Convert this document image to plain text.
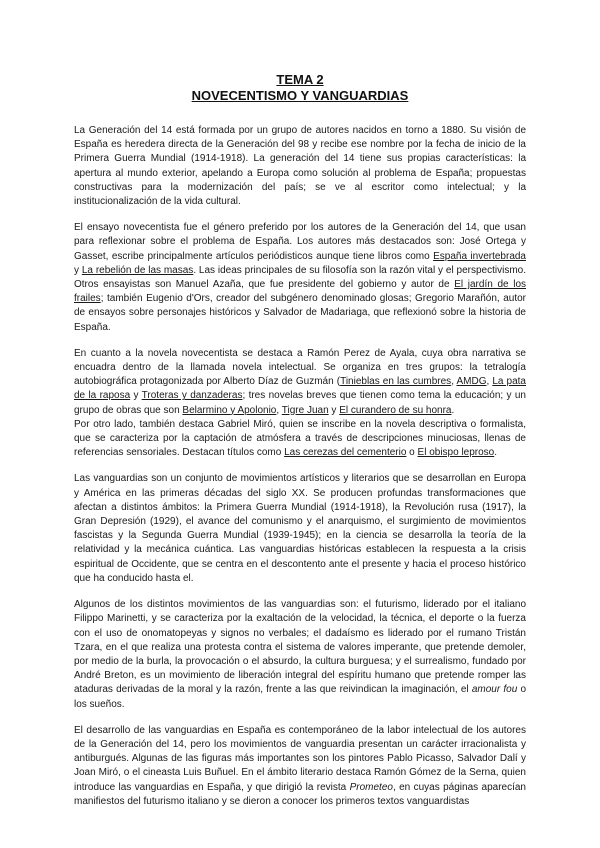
TEMA 2
NOVECENTISMO Y VANGUARDIAS

La Generación del 14 está formada por un grupo de autores nacidos en torno a 1880. Su visión de España es heredera directa de la Generación del 98 y recibe ese nombre por la fecha de inicio de la Primera Guerra Mundial (1914-1918). La generación del 14 tiene sus propias características: la apertura al mundo exterior, apelando a Europa como solución al problema de España; propuestas constructivas para la modernización del país; se ve al escritor como intelectual; y la institucionalización de la vida cultural.

El ensayo novecentista fue el género preferido por los autores de la Generación del 14, que usan para reflexionar sobre el problema de España. Los autores más destacados son: José Ortega y Gasset, escribe principalmente artículos periódisticos aunque tiene libros como España invertebrada y La rebelión de las masas. Las ideas principales de su filosofía son la razón vital y el perspectivismo. Otros ensayistas son Manuel Azaña, que fue presidente del gobierno y autor de El jardín de los frailes; también Eugenio d'Ors, creador del subgénero denominado glosas; Gregorio Marañón, autor de ensayos sobre personajes históricos y Salvador de Madariaga, que reflexionó sobre la historia de España.

En cuanto a la novela novecentista se destaca a Ramón Perez de Ayala, cuya obra narrativa se encuadra dentro de la llamada novela intelectual. Se organiza en tres grupos: la tetralogía autobiográfica protagonizada por Alberto Díaz de Guzmán (Tinieblas en las cumbres, AMDG, La pata de la raposa y Troteras y danzaderas; tres novelas breves que tienen como tema la educación; y un grupo de obras que son Belarmino y Apolonio, Tigre Juan y El curandero de su honra.

Por otro lado, también destaca Gabriel Miró, quien se inscribe en la novela descriptiva o formalista, que se caracteriza por la captación de atmósfera a través de descripciones minuciosas, llenas de referencias sensoriales. Destacan títulos como Las cerezas del cementerio o El obispo leproso.

Las vanguardias son un conjunto de movimientos artísticos y literarios que se desarrollan en Europa y América en las primeras décadas del siglo XX. Se producen profundas transformaciones que afectan a distintos ámbitos: la Primera Guerra Mundial (1914-1918), la Revolución rusa (1917), la Gran Depresión (1929), el avance del comunismo y el anarquismo, el surgimiento de movimientos fascistas y la Segunda Guerra Mundial (1939-1945); en la ciencia se desarrolla la teoría de la relatividad y la mecánica cuántica. Las vanguardias históricas establecen la respuesta a la crisis espiritual de Occidente, que se centra en el descontento ante el presente y hacia el proceso histórico que ha conducido hasta el.

Algunos de los distintos movimientos de las vanguardias son: el futurismo, liderado por el italiano Filippo Marinetti, y se caracteriza por la exaltación de la velocidad, la técnica, el deporte o la fuerza con el uso de onomatopeyas y signos no verbales; el dadaísmo es liderado por el rumano Tristán Tzara, en el que realiza una protesta contra el sistema de valores imperante, que pretende demoler, por medio de la burla, la provocación o el absurdo, la cultura burguesa; y el surrealismo, fundado por André Breton, es un movimiento de liberación integral del espíritu humano que pretende romper las ataduras derivadas de la moral y la razón, frente a las que reivindican la imaginación, el amour fou o los sueños.

El desarrollo de las vanguardias en España es contemporáneo de la labor intelectual de los autores de la Generación del 14, pero los movimientos de vanguardia presentan un carácter irracionalista y antiburgués. Algunas de las figuras más importantes son los pintores Pablo Picasso, Salvador Dalí y Joan Miró, o el cineasta Luis Buñuel. En el ámbito literario destaca Ramón Gómez de la Serna, quien introduce las vanguardias en España, y que dirigió la revista Prometeo, en cuyas páginas aparecían manifiestos del futurismo italiano y se dieron a conocer los primeros textos vanguardistas
